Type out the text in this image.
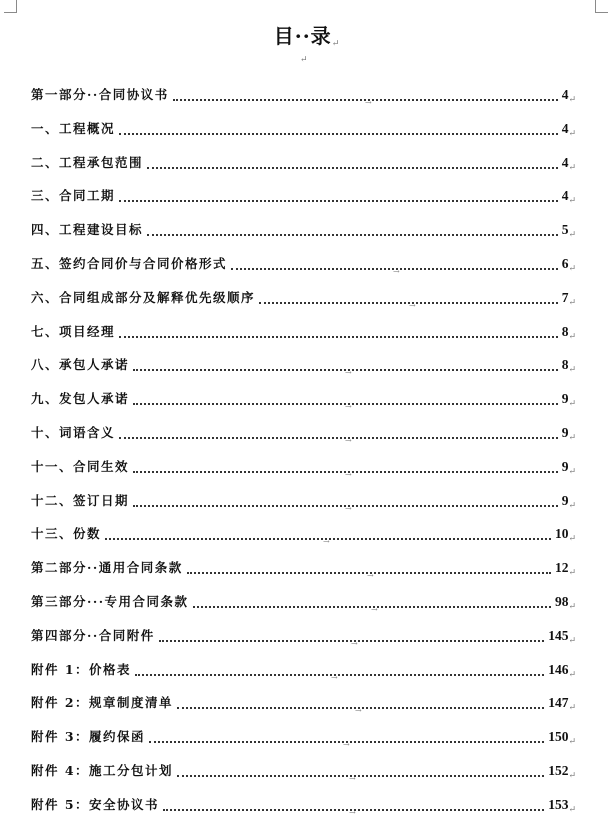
目··录↵
↵
第一部分··合同协议书	$4_↵$
→
一、工程概况	$4_↵$
二、工程承包范围	$4_↵$
三、合同工期	$4_↵$
四、工程建设目标	$5_↵$
五、签约合同价与合同价格形式	$6_↵$
→
六、合同组成部分及解释优先级顺序	$7_↵$
→
七、项目经理	$8_↵$
八、承包人承诺	$8_↵$
→
九、发包人承诺	$9_↵$
→
十、词语含义	$9_↵$
→
十一、合同生效	$9_↵$
→
十二、签订日期	$9_↵$
→
十三、份数	$10_↵$
→
第二部分··通用合同条款	$12_↵$
→
第三部分···专用合同条款	$98_↵$
→
第四部分··合同附件	$145_↵$
→
附件 1：价格表	$146_↵$
→
附件 2：规章制度清单	$147_↵$
→
附件 3：履约保函	$150_↵$
→
附件 4：施工分包计划	$152_↵$
→
附件 5：安全协议书	$153_↵$
→
